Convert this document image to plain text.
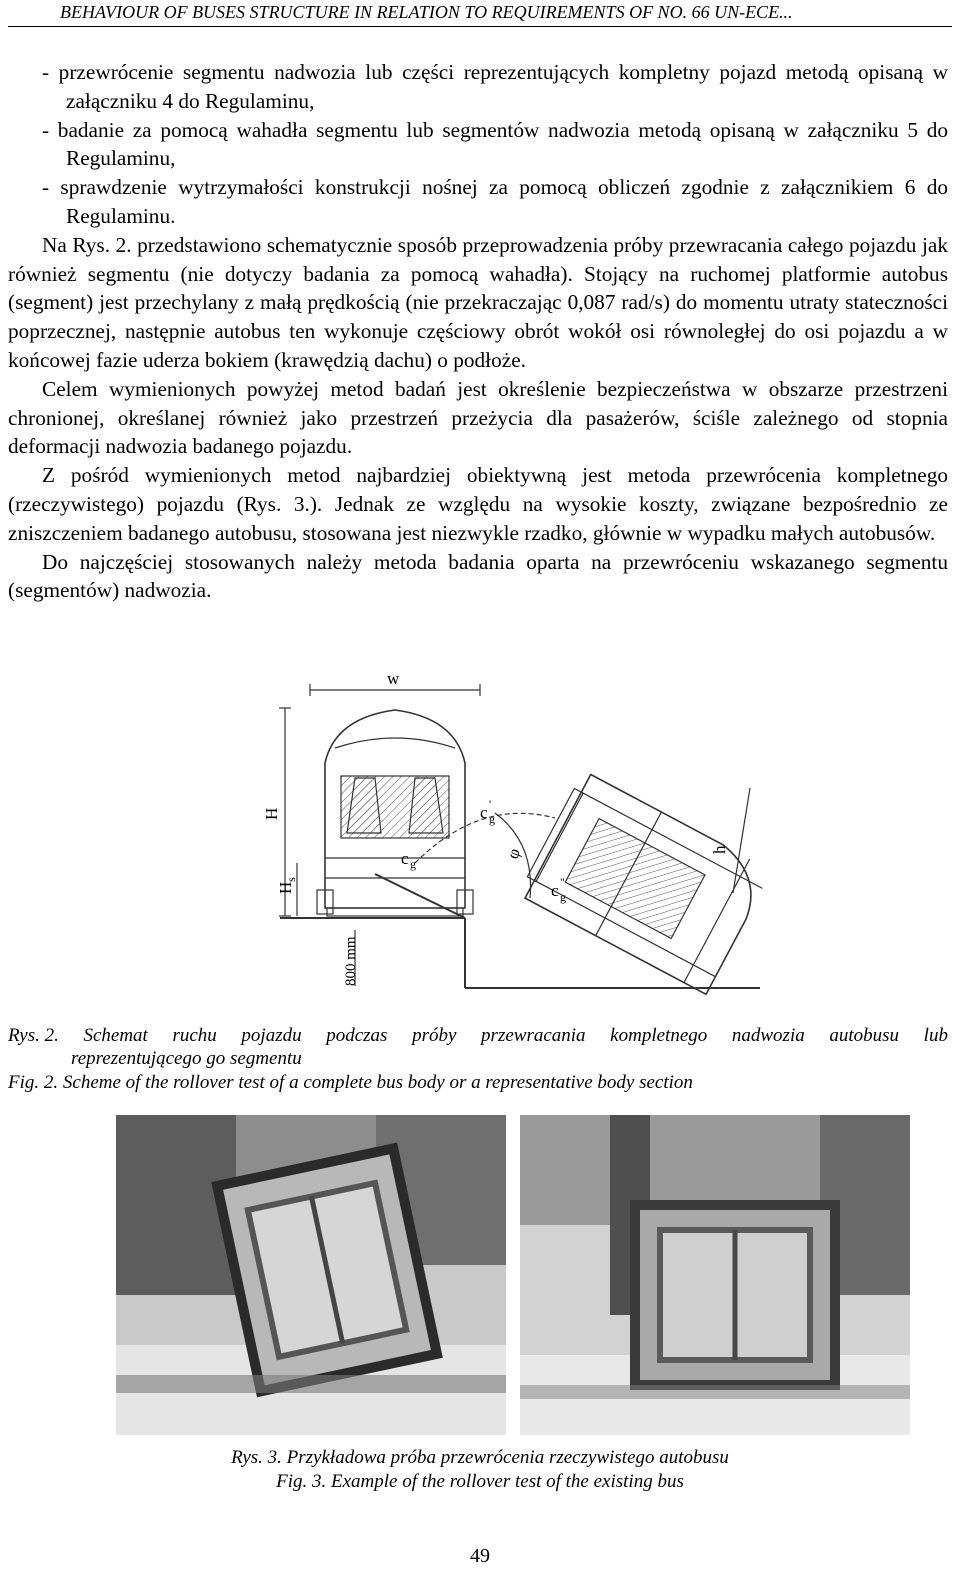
BEHAVIOUR OF BUSES STRUCTURE IN RELATION TO REQUIREMENTS OF NO. 66 UN-ECE...

- przewrócenie segmentu nadwozia lub części reprezentujących kompletny pojazd metodą opisaną w załączniku 4 do Regulaminu,

- badanie za pomocą wahadła segmentu lub segmentów nadwozia metodą opisaną w załączniku 5 do Regulaminu,

- sprawdzenie wytrzymałości konstrukcji nośnej za pomocą obliczeń zgodnie z załącznikiem 6 do Regulaminu.

Na Rys. 2. przedstawiono schematycznie sposób przeprowadzenia próby przewracania całego pojazdu jak również segmentu (nie dotyczy badania za pomocą wahadła). Stojący na ruchomej platformie autobus (segment) jest przechylany z małą prędkością (nie przekraczając 0,087 rad/s) do momentu utraty stateczności poprzecznej, następnie autobus ten wykonuje częściowy obrót wokół osi równoległej do osi pojazdu a w końcowej fazie uderza bokiem (krawędzią dachu) o podłoże.

Celem wymienionych powyżej metod badań jest określenie bezpieczeństwa w obszarze przestrzeni chronionej, określanej również jako przestrzeń przeżycia dla pasażerów, ściśle zależnego od stopnia deformacji nadwozia badanego pojazdu.

Z pośród wymienionych metod najbardziej obiektywną jest metoda przewrócenia kompletnego (rzeczywistego) pojazdu (Rys. 3.). Jednak ze względu na wysokie koszty, związane bezpośrednio ze zniszczeniem badanego autobusu, stosowana jest niezwykle rzadko, głównie w wypadku małych autobusów.

Do najczęściej stosowanych należy metoda badania oparta na przewróceniu wskazanego segmentu (segmentów) nadwozia.

w
H
H
s
c g
c '
g
φ
c "
g
h
800 mm
Rys. 2. Schemat ruchu pojazdu podczas próby przewracania kompletnego nadwozia autobusu lub
reprezentującego go segmentu
Fig. 2. Scheme of the rollover test of a complete bus body or a representative body section
Rys. 3. Przykładowa próba przewrócenia rzeczywistego autobusu
Fig. 3. Example of the rollover test of the existing bus
49
